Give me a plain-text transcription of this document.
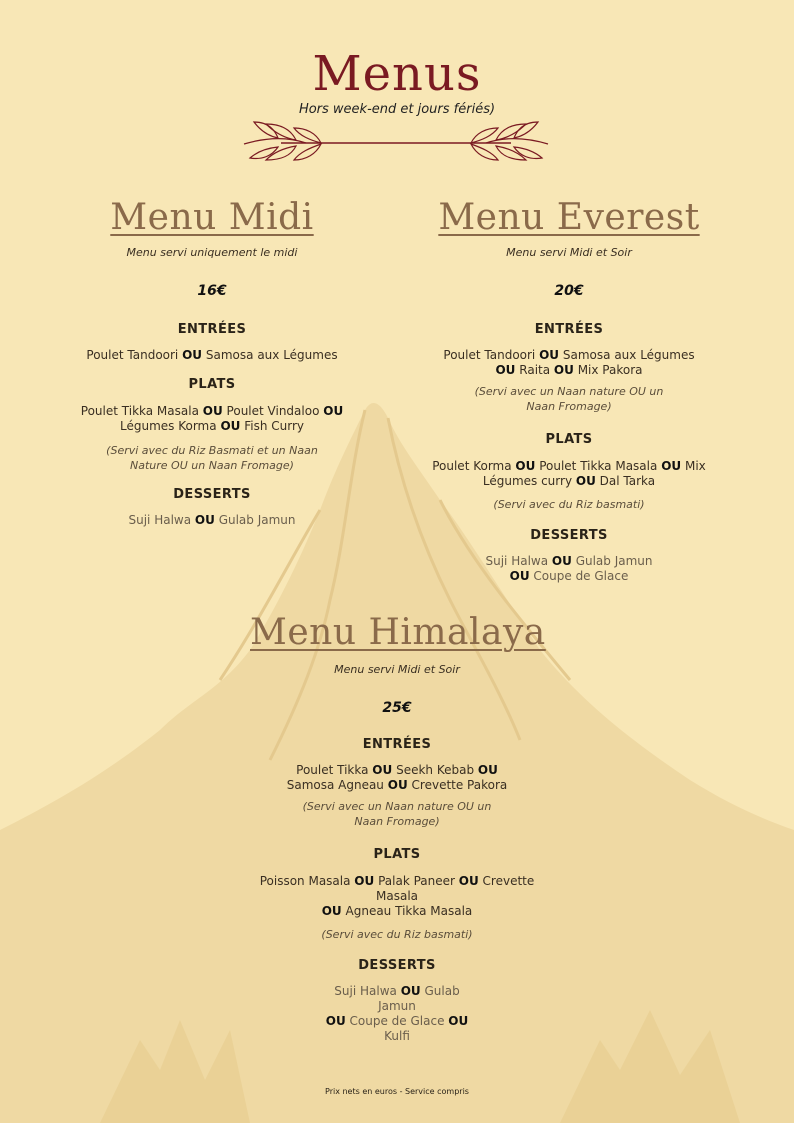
Menus
Hors week-end et jours fériés)
Menu Midi
Menu servi uniquement le midi
16€
ENTRÉES
Poulet Tandoori OU Samosa aux Légumes
PLATS
Poulet Tikka Masala OU Poulet Vindaloo OU Légumes Korma OU Fish Curry
(Servi avec du Riz Basmati et un Naan Nature OU un Naan Fromage)
DESSERTS
Suji Halwa OU Gulab Jamun
Menu Everest
Menu servi Midi et Soir
20€
ENTRÉES
Poulet Tandoori OU Samosa aux Légumes
OU Raita OU Mix Pakora
(Servi avec un Naan nature OU un Naan Fromage)
PLATS
Poulet Korma OU Poulet Tikka Masala OU Mix Légumes curry OU Dal Tarka
(Servi avec du Riz basmati)
DESSERTS
Suji Halwa OU Gulab Jamun
OU Coupe de Glace
Menu Himalaya
Menu servi Midi et Soir
25€
ENTRÉES
Poulet Tikka OU Seekh Kebab OU Samosa Agneau OU Crevette Pakora
(Servi avec un Naan nature OU un Naan Fromage)
PLATS
Poisson Masala OU Palak Paneer OU Crevette Masala
OU Agneau Tikka Masala
(Servi avec du Riz basmati)
DESSERTS
Suji Halwa OU Gulab Jamun
OU Coupe de Glace OU
Kulfi
Prix nets en euros - Service compris
